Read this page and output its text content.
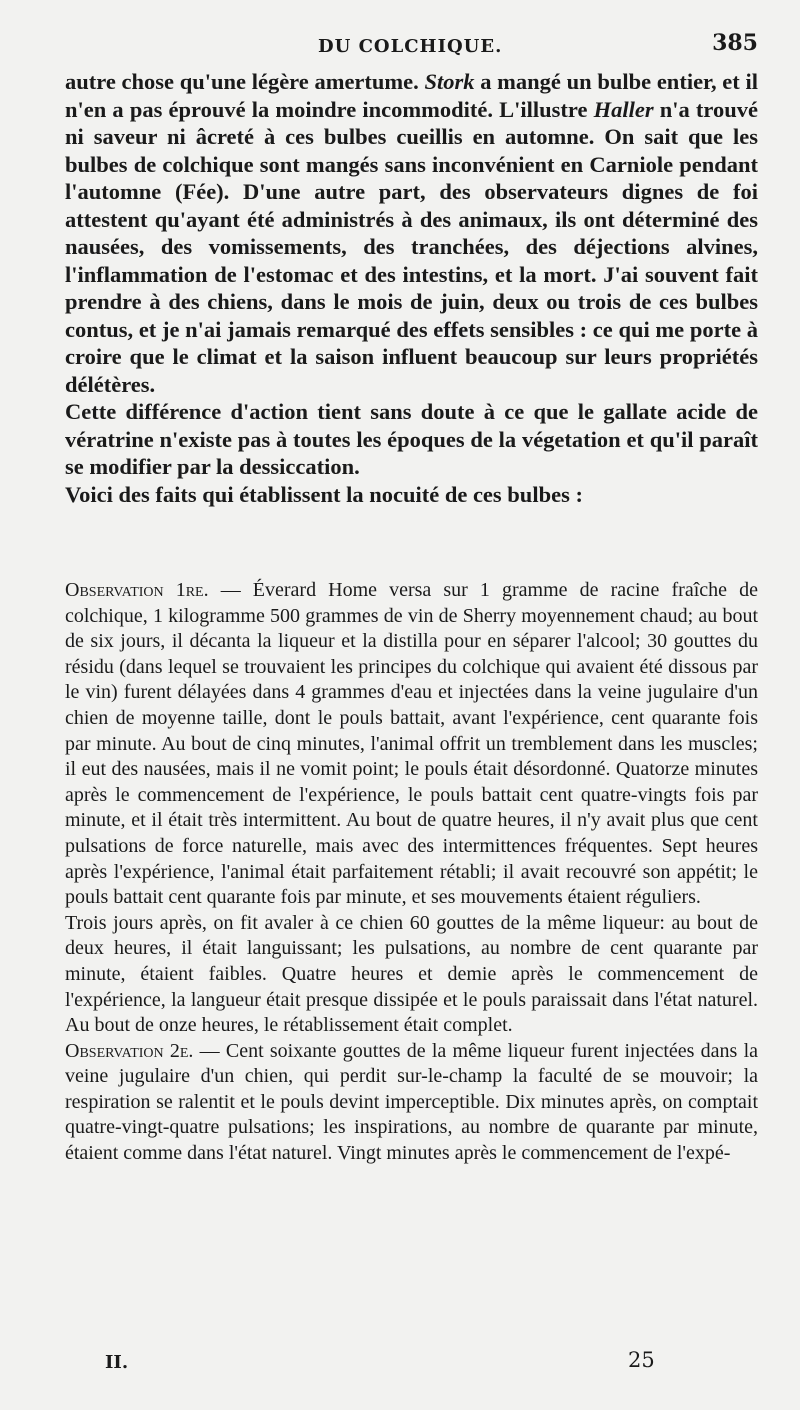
DU COLCHIQUE.	385

autre chose qu'une légère amertume. Stork a mangé un bulbe entier, et il n'en a pas éprouvé la moindre incommodité. L'illustre Haller n'a trouvé ni saveur ni âcreté à ces bulbes cueillis en automne. On sait que les bulbes de colchique sont mangés sans inconvénient en Carniole pendant l'automne (Fée). D'une autre part, des observateurs dignes de foi attestent qu'ayant été administrés à des animaux, ils ont déterminé des nausées, des vomissements, des tranchées, des déjections alvines, l'inflammation de l'estomac et des intestins, et la mort. J'ai souvent fait prendre à des chiens, dans le mois de juin, deux ou trois de ces bulbes contus, et je n'ai jamais remarqué des effets sensibles : ce qui me porte à croire que le climat et la saison influent beaucoup sur leurs propriétés délétères.

Cette différence d'action tient sans doute à ce que le gallate acide de vératrine n'existe pas à toutes les époques de la végetation et qu'il paraît se modifier par la dessiccation.

Voici des faits qui établissent la nocuité de ces bulbes :

Observation 1re. — Éverard Home versa sur 1 gramme de racine fraîche de colchique, 1 kilogramme 500 grammes de vin de Sherry moyennement chaud; au bout de six jours, il décanta la liqueur et la distilla pour en séparer l'alcool; 30 gouttes du résidu (dans lequel se trouvaient les principes du colchique qui avaient été dissous par le vin) furent délayées dans 4 grammes d'eau et injectées dans la veine jugulaire d'un chien de moyenne taille, dont le pouls battait, avant l'expérience, cent quarante fois par minute. Au bout de cinq minutes, l'animal offrit un tremblement dans les muscles; il eut des nausées, mais il ne vomit point; le pouls était désordonné. Quatorze minutes après le commencement de l'expérience, le pouls battait cent quatre-vingts fois par minute, et il était très intermittent. Au bout de quatre heures, il n'y avait plus que cent pulsations de force naturelle, mais avec des intermittences fréquentes. Sept heures après l'expérience, l'animal était parfaitement rétabli; il avait recouvré son appétit; le pouls battait cent quarante fois par minute, et ses mouvements étaient réguliers.

Trois jours après, on fit avaler à ce chien 60 gouttes de la même liqueur: au bout de deux heures, il était languissant; les pulsations, au nombre de cent quarante par minute, étaient faibles. Quatre heures et demie après le commencement de l'expérience, la langueur était presque dissipée et le pouls paraissait dans l'état naturel. Au bout de onze heures, le rétablissement était complet.

Observation 2e. — Cent soixante gouttes de la même liqueur furent injectées dans la veine jugulaire d'un chien, qui perdit sur-le-champ la faculté de se mouvoir; la respiration se ralentit et le pouls devint imperceptible. Dix minutes après, on comptait quatre-vingt-quatre pulsations; les inspirations, au nombre de quarante par minute, étaient comme dans l'état naturel. Vingt minutes après le commencement de l'expé-

II.	25
